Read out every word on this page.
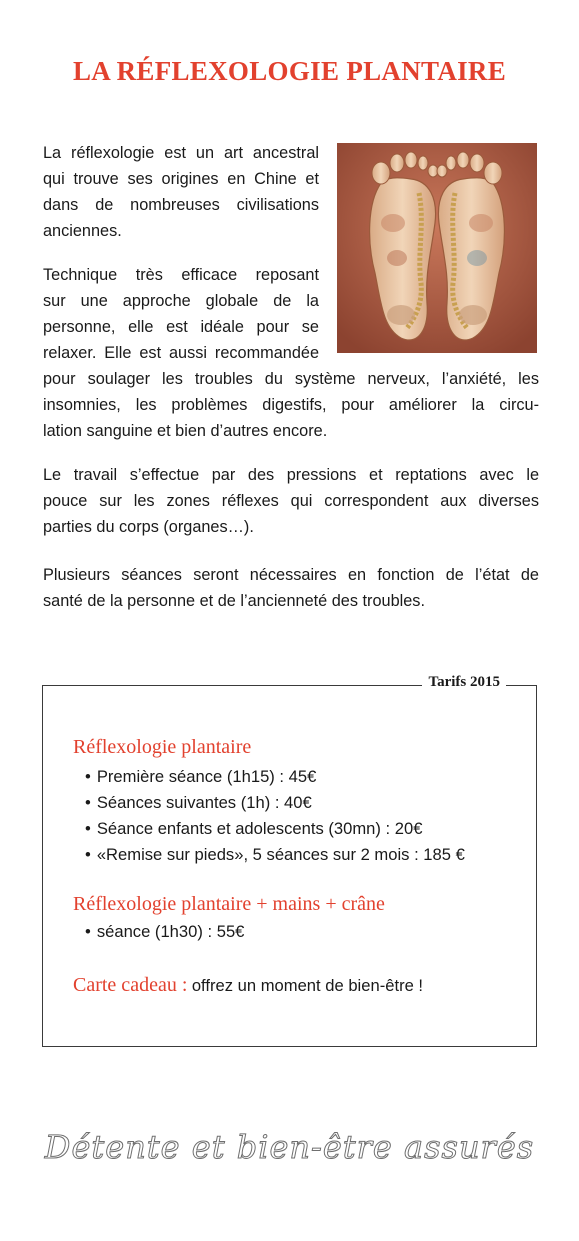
LA RÉFLEXOLOGIE PLANTAIRE
La réflexologie est un art ancestral
qui trouve ses origines en Chine et
dans de nombreuses civilisations
anciennes.
Technique très efficace reposant
sur une approche globale de la
personne, elle est idéale pour se
relaxer. Elle est aussi recommandée
pour soulager les troubles du système nerveux, l’anxiété, les
insomnies, les problèmes digestifs, pour améliorer la circu-
lation sanguine et bien d’autres encore.
Le travail s’effectue par des pressions et reptations avec le
pouce sur les zones réflexes qui correspondent aux diverses
parties du corps (organes…).
Plusieurs séances seront nécessaires en fonction de l’état de
santé de la personne et de l’ancienneté des troubles.
Tarifs 2015
Réflexologie plantaire
• Première séance (1h15) : 45€
• Séances suivantes (1h) : 40€
• Séance enfants et adolescents (30mn) : 20€
• «Remise sur pieds», 5 séances sur 2 mois : 185 €
Réflexologie plantaire + mains + crâne
• séance (1h30) : 55€
Carte cadeau : offrez un moment de bien-être !
Détente et bien-être assurés
